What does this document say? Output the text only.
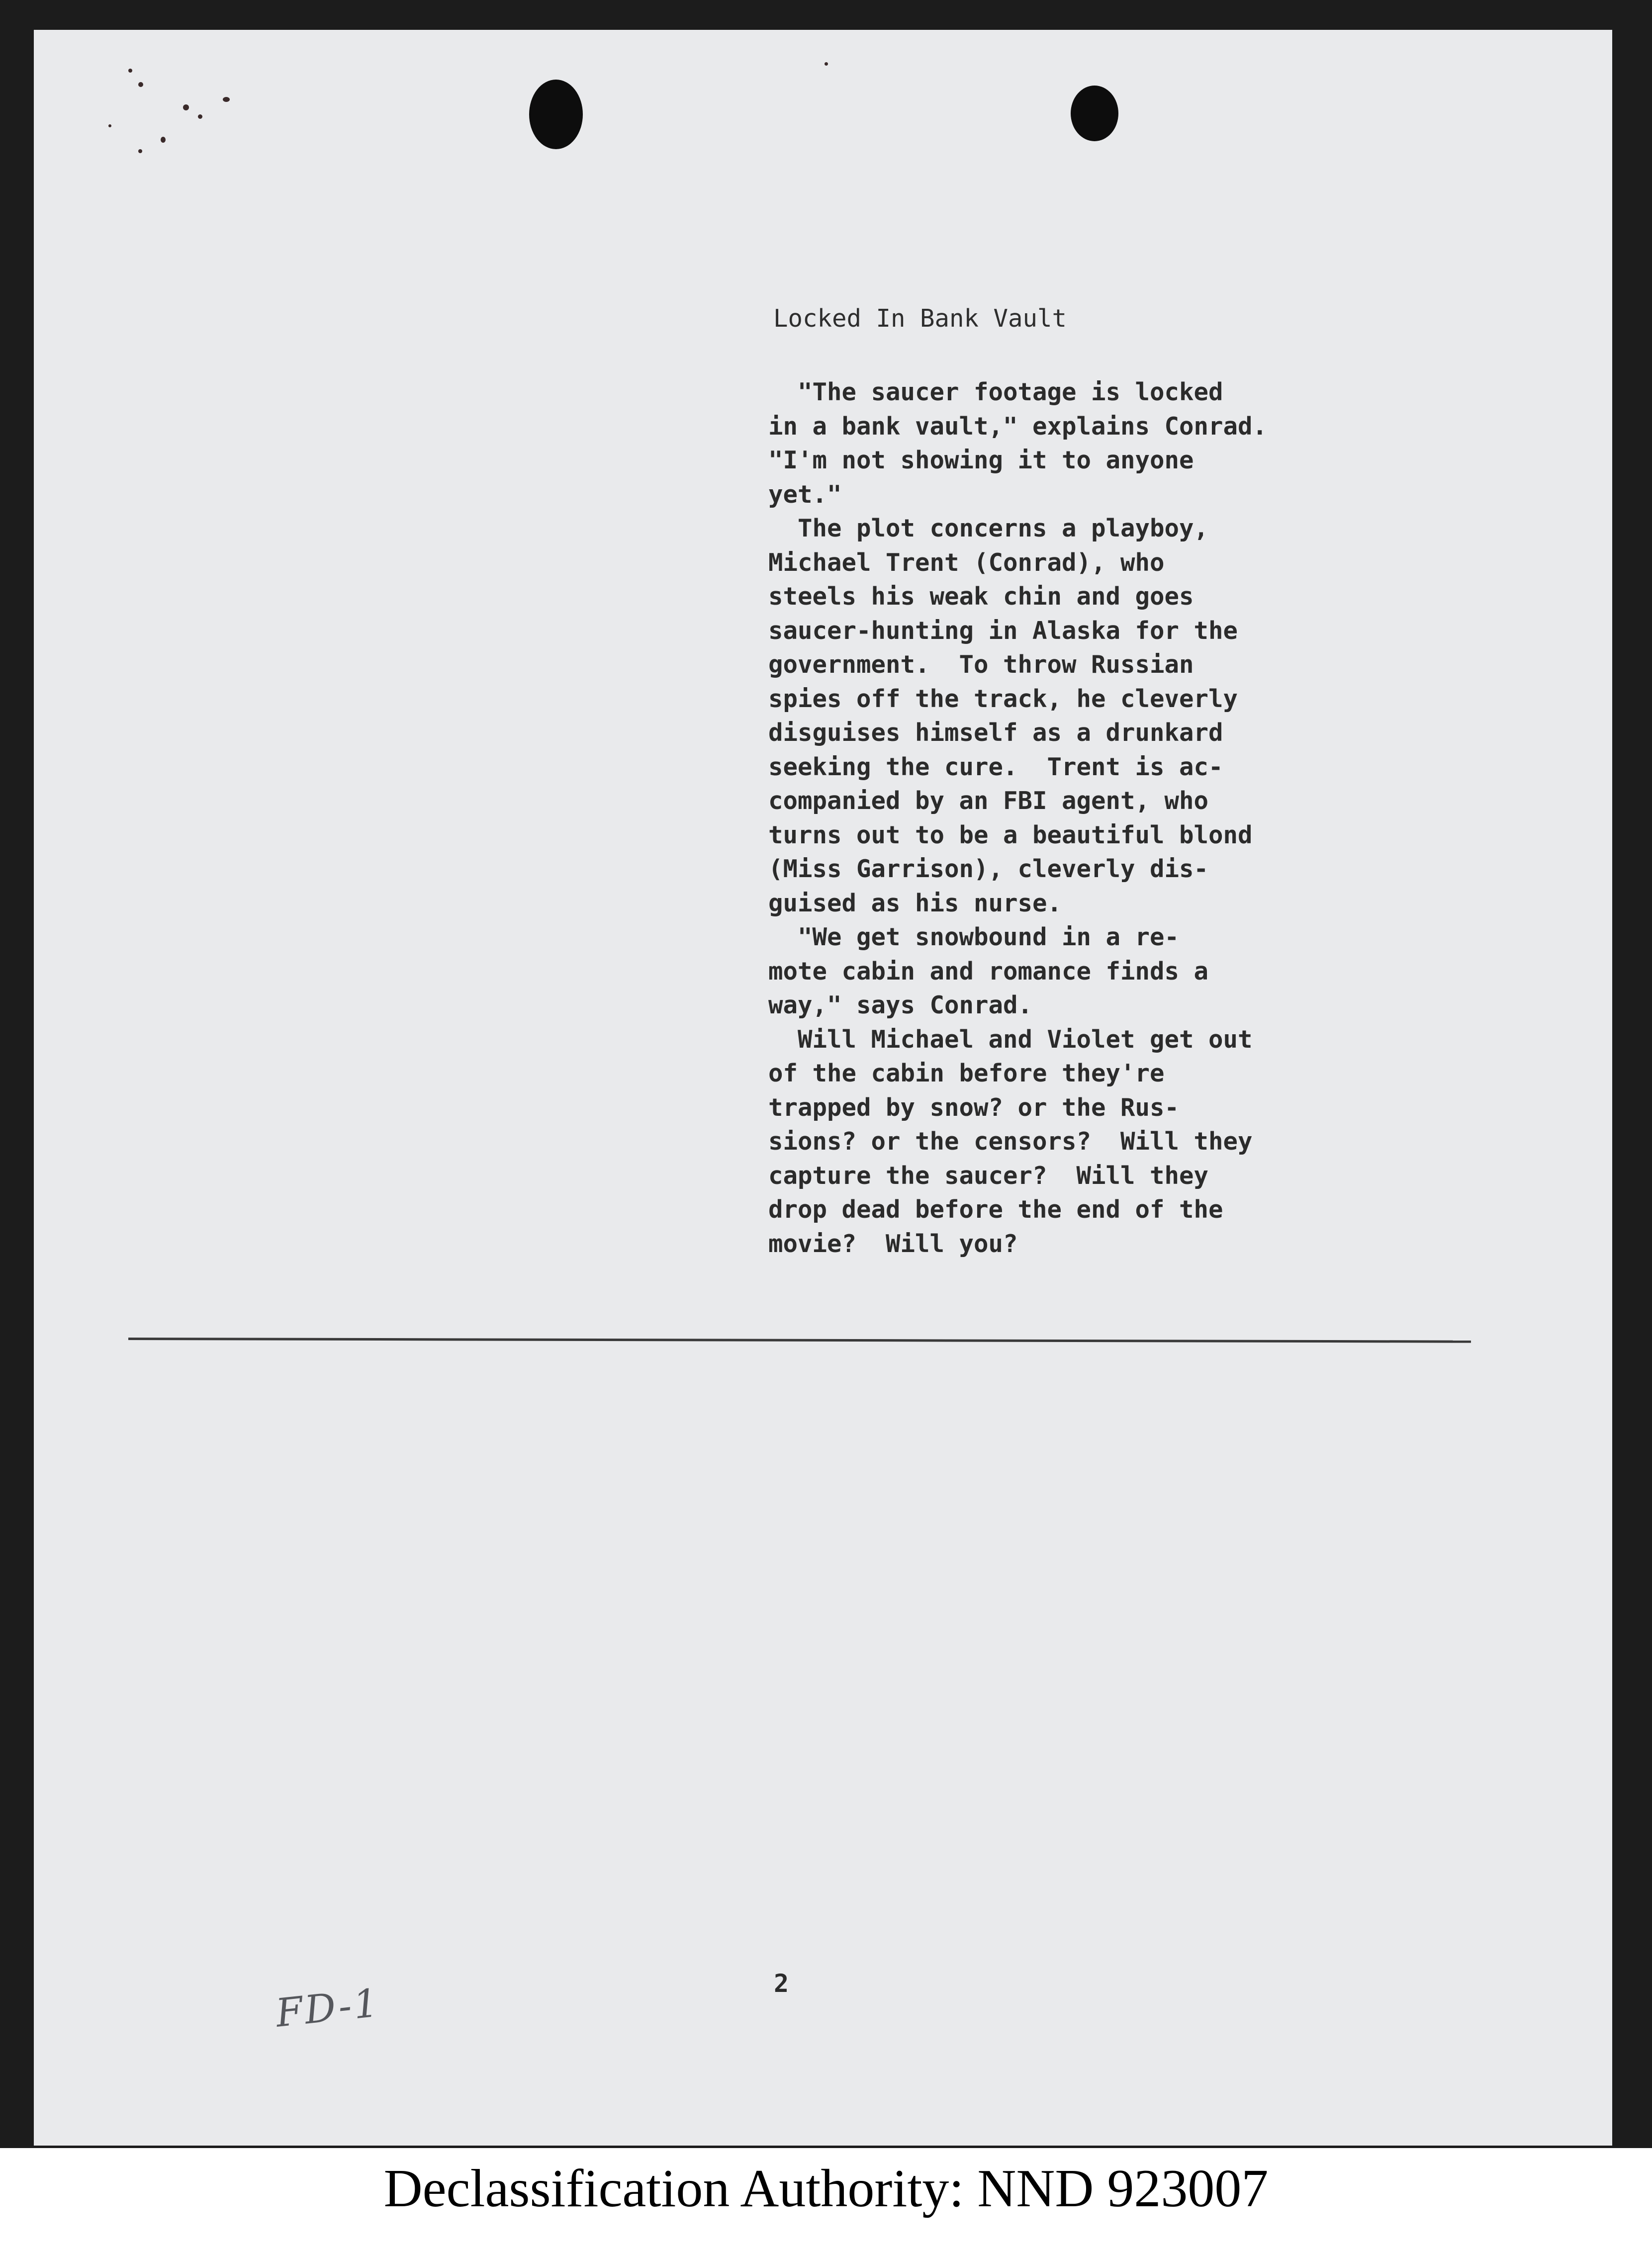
Locked In Bank Vault
"The saucer footage is locked
in a bank vault," explains Conrad.
"I'm not showing it to anyone
yet."
The plot concerns a playboy,
Michael Trent (Conrad), who
steels his weak chin and goes
saucer-hunting in Alaska for the
government.  To throw Russian
spies off the track, he cleverly
disguises himself as a drunkard
seeking the cure.  Trent is ac-
companied by an FBI agent, who
turns out to be a beautiful blond
(Miss Garrison), cleverly dis-
guised as his nurse.
"We get snowbound in a re-
mote cabin and romance finds a
way," says Conrad.
Will Michael and Violet get out
of the cabin before they're
trapped by snow? or the Rus-
sions? or the censors?  Will they
capture the saucer?  Will they
drop dead before the end of the
movie?  Will you?
2
FD-1
Declassification Authority: NND 923007
